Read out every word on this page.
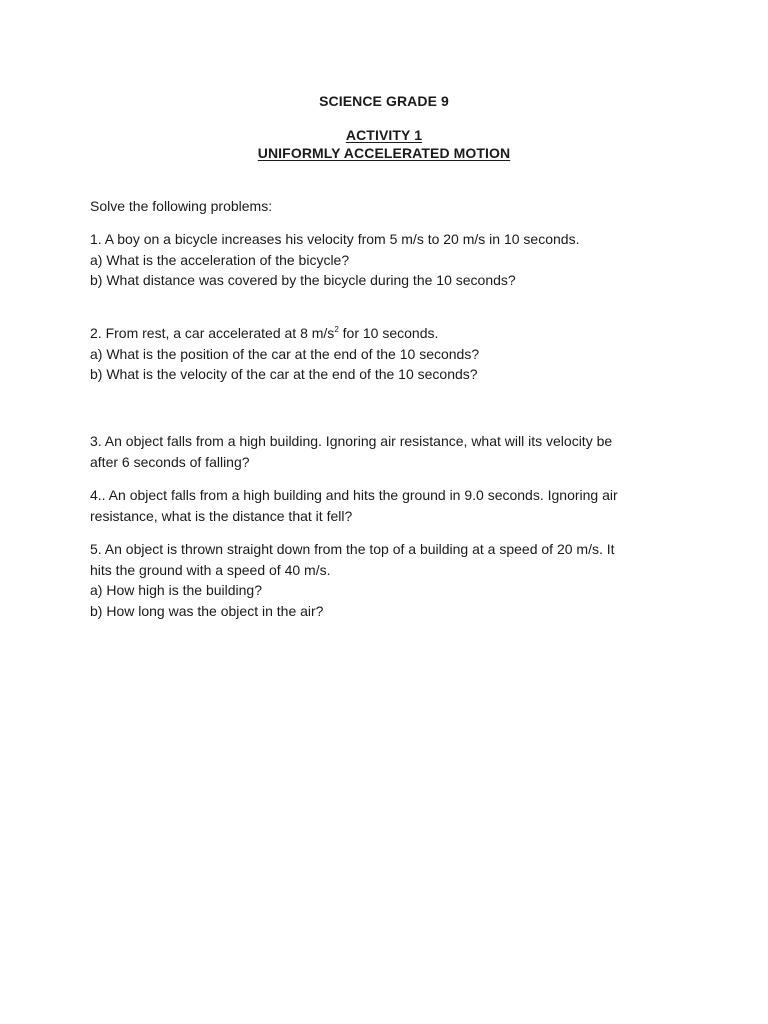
SCIENCE GRADE 9
ACTIVITY 1
UNIFORMLY ACCELERATED MOTION

Solve the following problems:

1. A boy on a bicycle increases his velocity from 5 m/s to 20 m/s in 10 seconds.

a) What is the acceleration of the bicycle?

b) What distance was covered by the bicycle during the 10 seconds?

2. From rest, a car accelerated at 8 $m/s^2$ for 10 seconds.

a) What is the position of the car at the end of the 10 seconds?

b) What is the velocity of the car at the end of the 10 seconds?

3. An object falls from a high building. Ignoring air resistance, what will its velocity be

after 6 seconds of falling?

4.. An object falls from a high building and hits the ground in 9.0 seconds. Ignoring air

resistance, what is the distance that it fell?

5. An object is thrown straight down from the top of a building at a speed of 20 m/s. It

hits the ground with a speed of 40 m/s.

a) How high is the building?

b) How long was the object in the air?
